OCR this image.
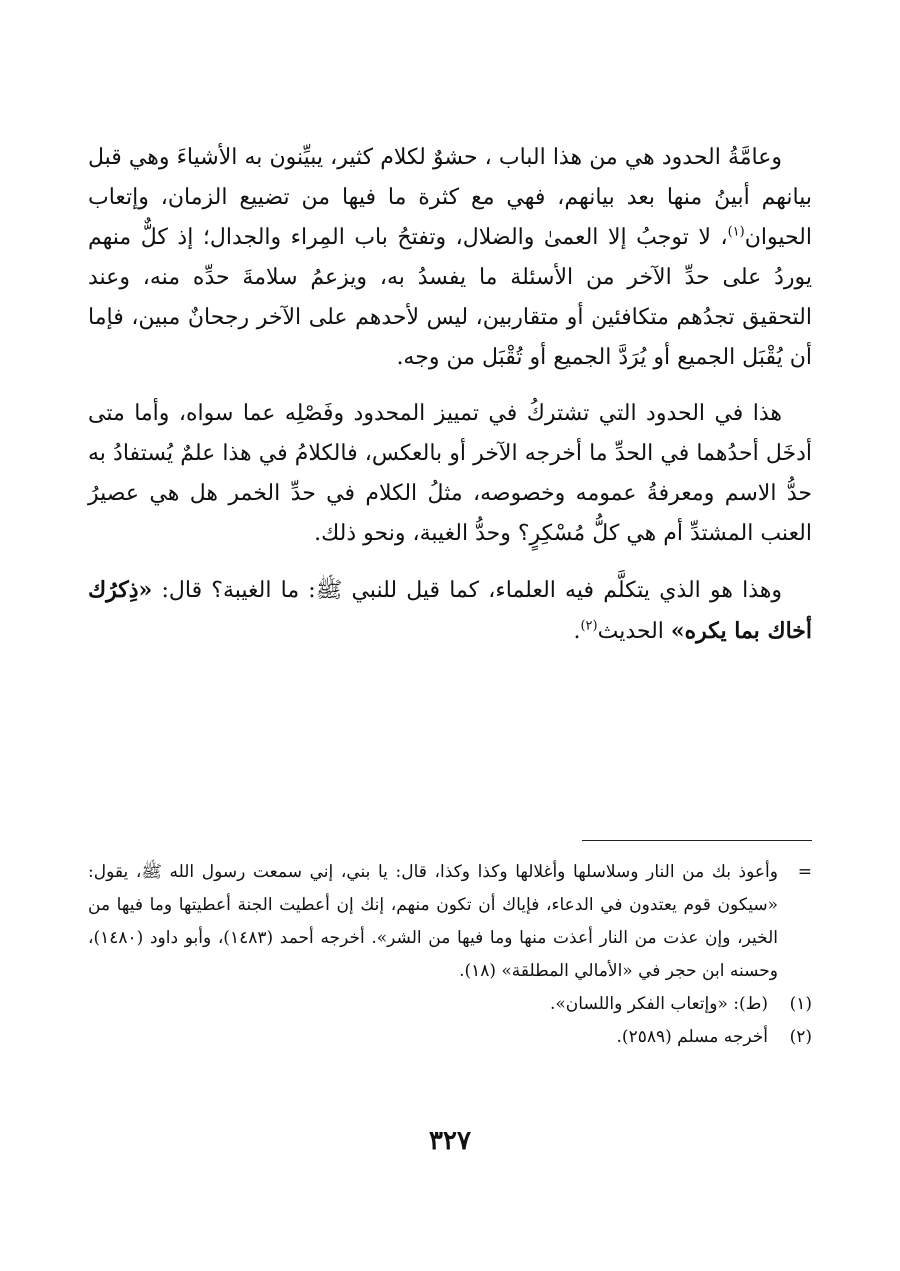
وعامَّةُ الحدود هي من هذا الباب ، حشوٌ لكلام كثير، يبيِّنون به الأشياءَ وهي قبل بيانهم أبينُ منها بعد بيانهم، فهي مع كثرة ما فيها من تضييع الزمان، وإتعاب الحيوان$^{(١)}$، لا توجبُ إلا العمىٰ والضلال، وتفتحُ باب المِراء والجدال؛ إذ كلٌّ منهم يوردُ على حدِّ الآخر من الأسئلة ما يفسدُ به، ويزعمُ سلامةَ حدِّه منه، وعند التحقيق تجدُهم متكافئين أو متقاربين، ليس لأحدهم على الآخر رجحانٌ مبين، فإما أن يُقْبَل الجميع أو يُرَدَّ الجميع أو تُقْبَل من وجه.

هذا في الحدود التي تشتركُ في تمييز المحدود وفَصْلِه عما سواه، وأما متى أدخَل أحدُهما في الحدِّ ما أخرجه الآخر أو بالعكس، فالكلامُ في هذا علمٌ يُستفادُ به حدُّ الاسم ومعرفةُ عمومه وخصوصه، مثلُ الكلام في حدِّ الخمر هل هي عصيرُ العنب المشتدِّ أم هي كلُّ مُسْكِرٍ؟ وحدُّ الغيبة، ونحو ذلك.

وهذا هو الذي يتكلَّم فيه العلماء، كما قيل للنبي ﷺ: ما الغيبة؟ قال: «ذِكرُك أخاك بما يكره» الحديث$^{(٢)}$.

=
وأعوذ بك من النار وسلاسلها وأغلالها وكذا وكذا، قال: يا بني، إني سمعت رسول الله ﷺ، يقول: «سيكون قوم يعتدون في الدعاء، فإياك أن تكون منهم، إنك إن أعطيت الجنة أعطيتها وما فيها من الخير، وإن عذت من النار أعذت منها وما فيها من الشر». أخرجه أحمد (١٤٨٣)، وأبو داود (١٤٨٠)، وحسنه ابن حجر في «الأمالي المطلقة» (١٨).
(١)
(ط): «وإتعاب الفكر واللسان».
(٢)
أخرجه مسلم (٢٥٨٩).
٣٢٧
